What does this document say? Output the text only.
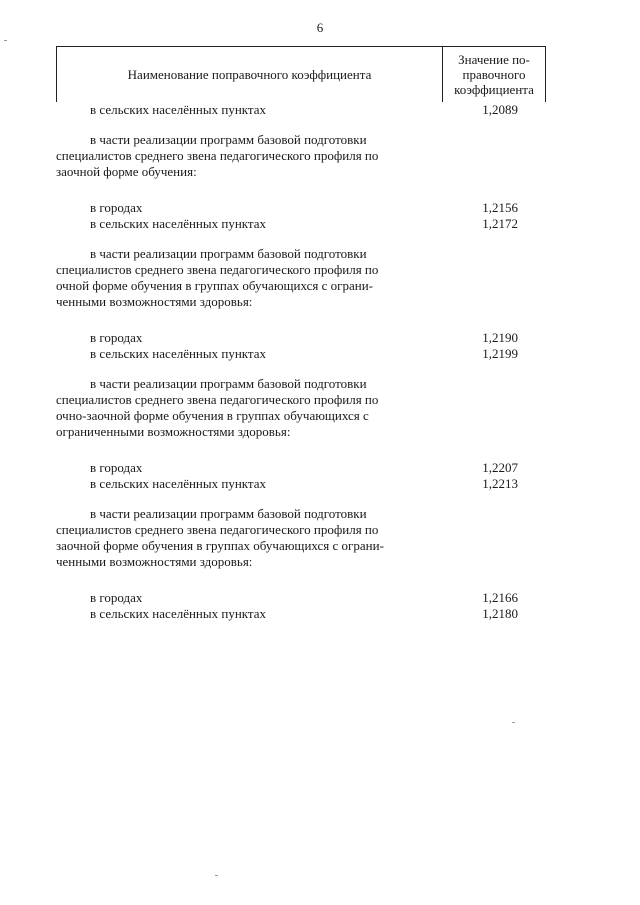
6
Наименование поправочного коэффициента
Значение по-
правочного
коэффициента
в сельских населённых пунктах	1,2089
в части реализации программ базовой подготовки
специалистов среднего звена педагогического профиля по
заочной форме обучения:
в городах	1,2156
в сельских населённых пунктах	1,2172
в части реализации программ базовой подготовки
специалистов среднего звена педагогического профиля по
очной форме обучения в группах обучающихся с ограни-
ченными возможностями здоровья:
в городах	1,2190
в сельских населённых пунктах	1,2199
в части реализации программ базовой подготовки
специалистов среднего звена педагогического профиля по
очно-заочной форме обучения в группах обучающихся с
ограниченными возможностями здоровья:
в городах	1,2207
в сельских населённых пунктах	1,2213
в части реализации программ базовой подготовки
специалистов среднего звена педагогического профиля по
заочной форме обучения в группах обучающихся с ограни-
ченными возможностями здоровья:
в городах	1,2166
в сельских населённых пунктах	1,2180
